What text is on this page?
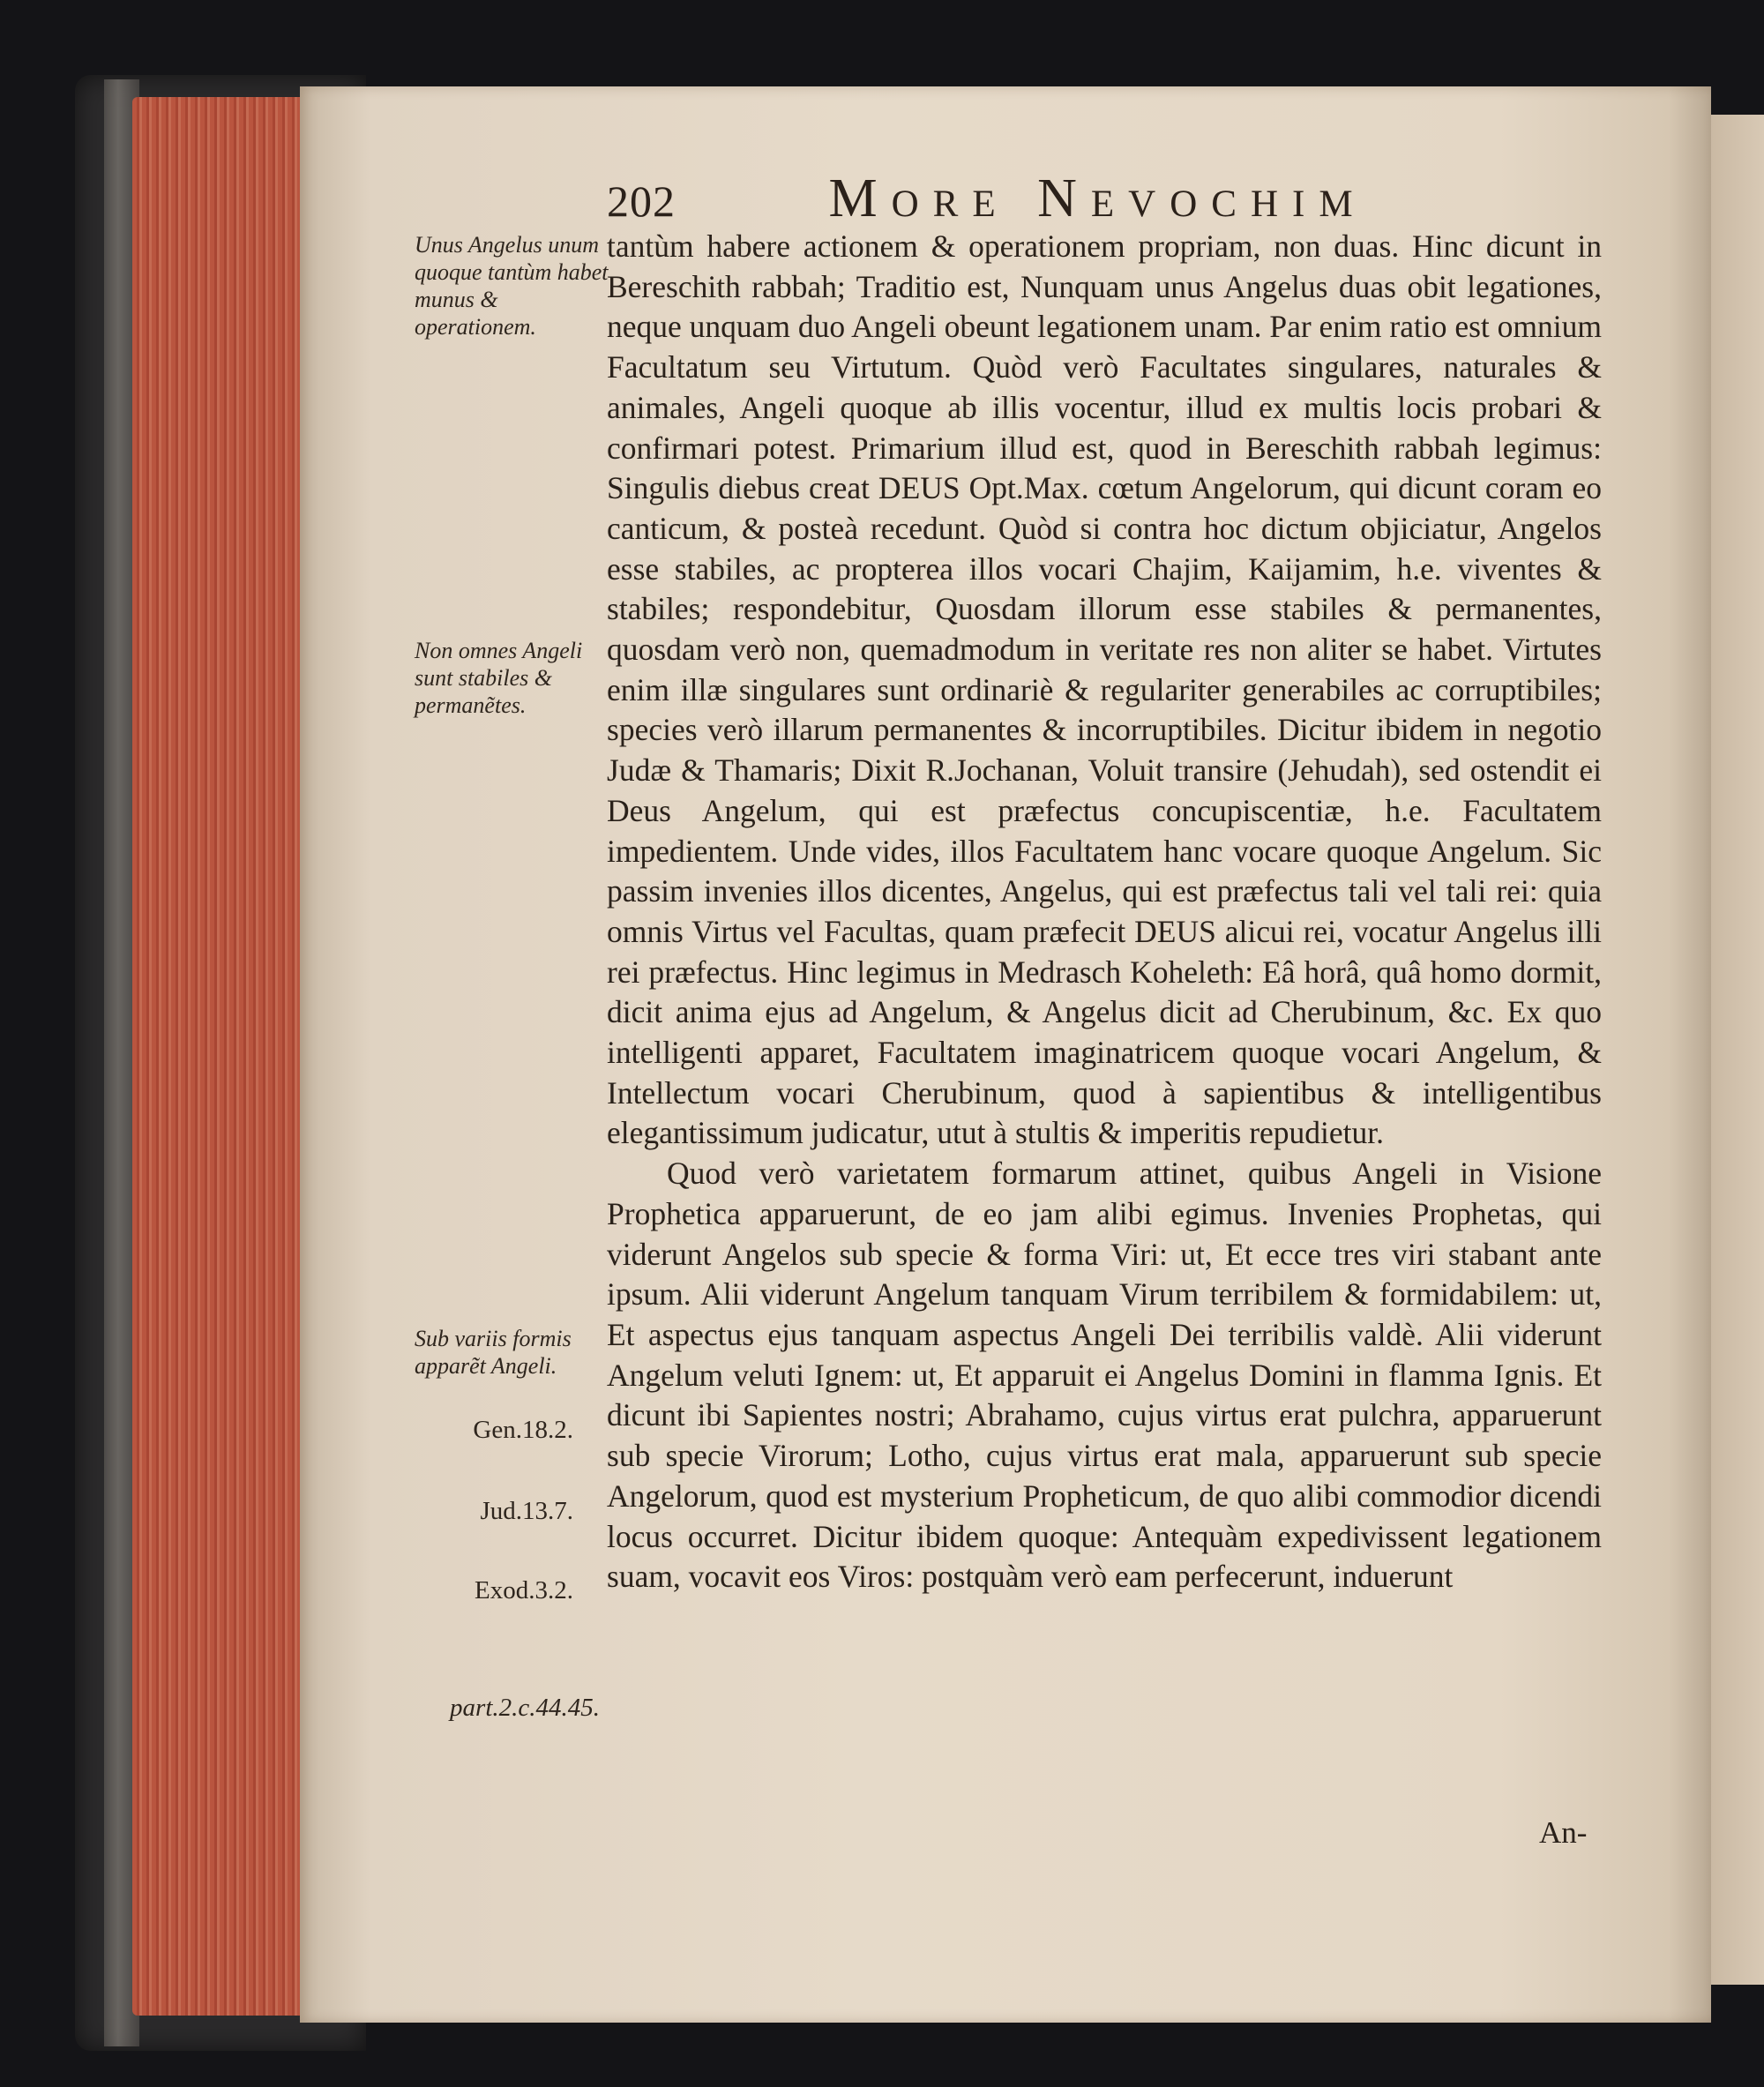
202	More Nevochim
Unus Angelus unum quoque tantùm habet munus & operationem.
Non omnes Angeli sunt stabiles & permanẽtes.
Sub variis formis apparẽt Angeli.
Gen.18.2.
Jud.13.7.
Exod.3.2.
part.2.c.44.45.

tantùm habere actionem & operationem propriam, non duas. Hinc dicunt in Bereschith rabbah; Traditio est, Nunquam unus Angelus duas obit legationes, neque unquam duo Angeli obeunt legationem unam. Par enim ratio est omnium Facultatum seu Virtutum. Quòd verò Facultates singulares, naturales & animales, Angeli quoque ab illis vocentur, illud ex multis locis probari & confirmari potest. Primarium illud est, quod in Bereschith rabbah legimus: Singulis diebus creat DEUS Opt.Max. cœtum Angelorum, qui dicunt coram eo canticum, & posteà recedunt. Quòd si contra hoc dictum objiciatur, Angelos esse stabiles, ac propterea illos vocari Chajim, Kaijamim, h.e. viventes & stabiles; respondebitur, Quosdam illorum esse stabiles & permanentes, quosdam verò non, quemadmodum in veritate res non aliter se habet. Virtutes enim illæ singulares sunt ordinariè & regulariter generabiles ac corruptibiles; species verò illarum permanentes & incorruptibiles. Dicitur ibidem in negotio Judæ & Thamaris; Dixit R.Jochanan, Voluit transire (Jehudah), sed ostendit ei Deus Angelum, qui est præfectus concupiscentiæ, h.e. Facultatem impedientem. Unde vides, illos Facultatem hanc vocare quoque Angelum. Sic passim invenies illos dicentes, Angelus, qui est præfectus tali vel tali rei: quia omnis Virtus vel Facultas, quam præfecit DEUS alicui rei, vocatur Angelus illi rei præfectus. Hinc legimus in Medrasch Koheleth: Eâ horâ, quâ homo dormit, dicit anima ejus ad Angelum, & Angelus dicit ad Cherubinum, &c. Ex quo intelligenti apparet, Facultatem imaginatricem quoque vocari Angelum, & Intellectum vocari Cherubinum, quod à sapientibus & intelligentibus elegantissimum judicatur, utut à stultis & imperitis repudietur.

Quod verò varietatem formarum attinet, quibus Angeli in Visione Prophetica apparuerunt, de eo jam alibi egimus. Invenies Prophetas, qui viderunt Angelos sub specie & forma Viri: ut, Et ecce tres viri stabant ante ipsum. Alii viderunt Angelum tanquam Virum terribilem & formidabilem: ut, Et aspectus ejus tanquam aspectus Angeli Dei terribilis valdè. Alii viderunt Angelum veluti Ignem: ut, Et apparuit ei Angelus Domini in flamma Ignis. Et dicunt ibi Sapientes nostri; Abrahamo, cujus virtus erat pulchra, apparuerunt sub specie Virorum; Lotho, cujus virtus erat mala, apparuerunt sub specie Angelorum, quod est mysterium Propheticum, de quo alibi commodior dicendi locus occurret. Dicitur ibidem quoque: Antequàm expedivissent legationem suam, vocavit eos Viros: postquàm verò eam perfecerunt, induerunt

An-
